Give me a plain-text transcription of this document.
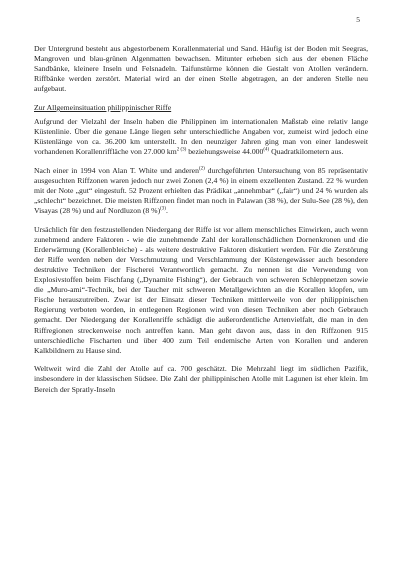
5

Der Untergrund besteht aus abgestorbenem Korallenmaterial und Sand. Häufig ist der Boden mit Seegras, Mangroven und blau-grünen Algenmatten bewachsen. Mitunter erheben sich aus der ebenen Fläche Sandbänke, kleinere Inseln und Felsnadeln. Taifunstürme können die Gestalt von Atollen verändern. Riffbänke werden zerstört. Material wird an der einen Stelle abgetragen, an der anderen Stelle neu aufgebaut.

Zur Allgemeinsituation philippinischer Riffe

Aufgrund der Vielzahl der Inseln haben die Philippinen im internationalen Maßstab eine relativ lange Küstenlinie. Über die genaue Länge liegen sehr unterschiedliche Angaben vor, zumeist wird jedoch eine Küstenlänge von ca. 36.200 km unterstellt. In den neunziger Jahren ging man von einer landesweit vorhandenen Korallenriffläche von 27.000 km$^{2 (3)}$ beziehungsweise 44.000$^{(4)}$ Quadratkilometern aus.

Nach einer in 1994 von Alan T. White und anderen$^{(2)}$ durchgeführten Untersuchung von 85 repräsentativ ausgesuchten Riffzonen waren jedoch nur zwei Zonen (2,4 %) in einem exzellenten Zustand. 22 % wurden mit der Note „gut“ eingestuft. 52 Prozent erhielten das Prädikat „annehmbar“ („fair“) und 24 % wurden als „schlecht“ bezeichnet. Die meisten Riffzonen findet man noch in Palawan (38 %), der Sulu-See (28 %), den Visayas (28 %) und auf Nordluzon (8 %)$^{(3)}$.

Ursächlich für den festzustellenden Niedergang der Riffe ist vor allem menschliches Einwirken, auch wenn zunehmend andere Faktoren - wie die zunehmende Zahl der korallenschädlichen Dornenkronen und die Erderwärmung (Korallenbleiche) - als weitere destruktive Faktoren diskutiert werden. Für die Zerstörung der Riffe werden neben der Verschmutzung und Verschlammung der Küstengewässer auch besondere destruktive Techniken der Fischerei Verantwortlich gemacht. Zu nennen ist die Verwendung von Explosivstoffen beim Fischfang („Dynamite Fishing“), der Gebrauch von schweren Schleppnetzen sowie die „Muro-ami“-Technik, bei der Taucher mit schweren Metallgewichten an die Korallen klopfen, um Fische herauszutreiben. Zwar ist der Einsatz dieser Techniken mittlerweile von der philippinischen Regierung verboten worden, in entlegenen Regionen wird von diesen Techniken aber noch Gebrauch gemacht. Der Niedergang der Korallenriffe schädigt die außerordentliche Artenvielfalt, die man in den Riffregionen streckenweise noch antreffen kann. Man geht davon aus, dass in den Riffzonen 915 unterschiedliche Fischarten und über 400 zum Teil endemische Arten von Korallen und anderen Kalkbildnern zu Hause sind.

Weltweit wird die Zahl der Atolle auf ca. 700 geschätzt. Die Mehrzahl liegt im südlichen Pazifik, insbesondere in der klassischen Südsee. Die Zahl der philippinischen Atolle mit Lagunen ist eher klein. Im Bereich der Spratly-Inseln
